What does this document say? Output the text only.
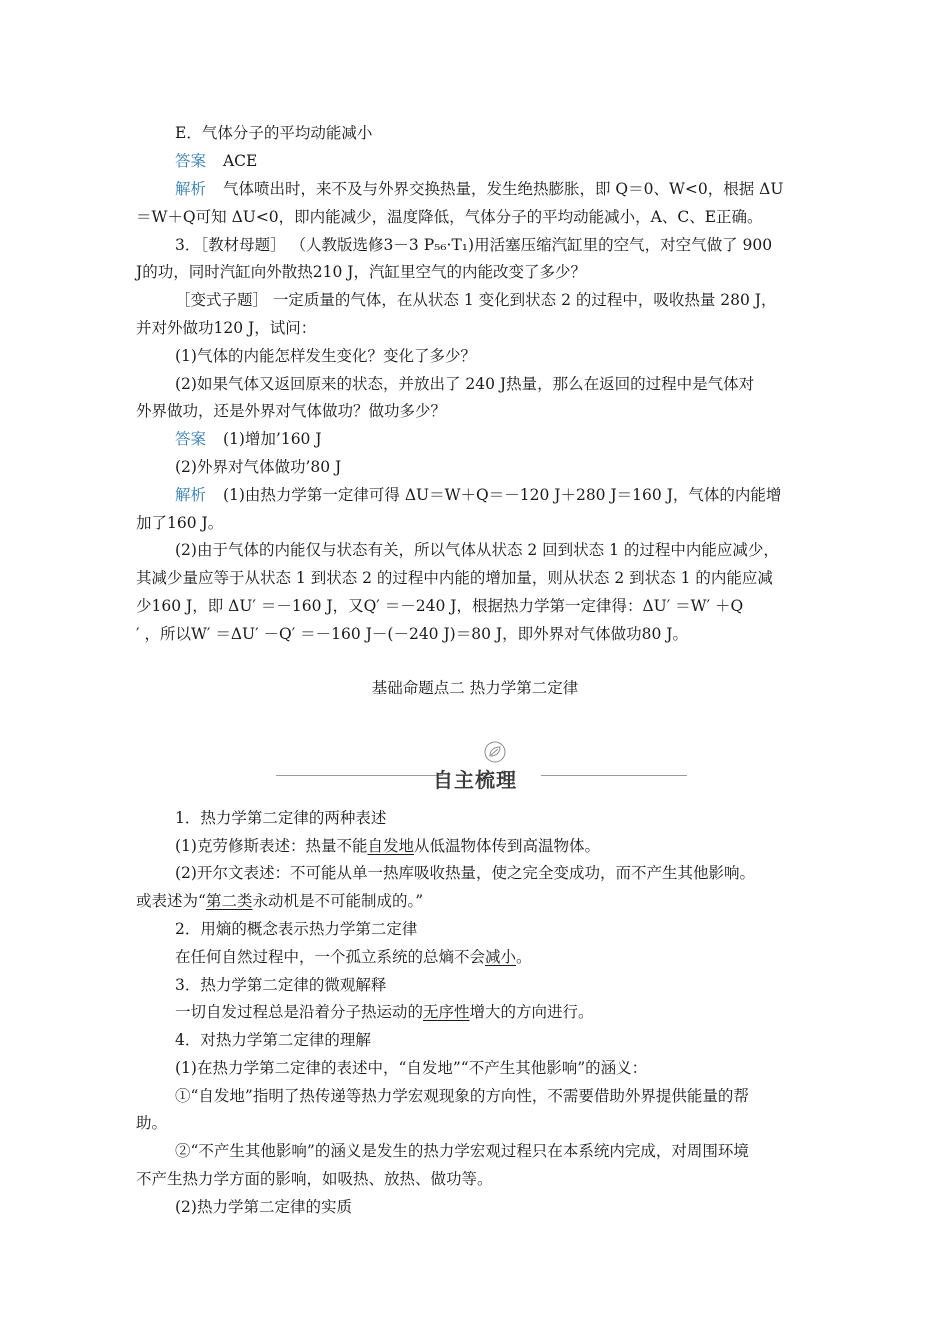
E．气体分子的平均动能减小
答案 ACE
解析 气体喷出时，来不及与外界交换热量，发生绝热膨胀，即 Q＝0、W<0，根据 ΔU
＝W＋Q可知 ΔU<0，即内能减少，温度降低，气体分子的平均动能减小，A、C、E正确。
3．［教材母题］ （人教版选修3－3 P₅₆·T₁)用活塞压缩汽缸里的空气，对空气做了 900
J的功，同时汽缸向外散热210 J，汽缸里空气的内能改变了多少？
［变式子题］ 一定质量的气体，在从状态 1 变化到状态 2 的过程中，吸收热量 280 J，
并对外做功120 J，试问：
(1)气体的内能怎样发生变化？变化了多少？
(2)如果气体又返回原来的状态，并放出了 240 J热量，那么在返回的过程中是气体对
外界做功，还是外界对气体做功？做功多少？
答案 (1)增加’160 J
(2)外界对气体做功’80 J
解析 (1)由热力学第一定律可得 ΔU＝W＋Q＝－120 J＋280 J＝160 J，气体的内能增
加了160 J。
(2)由于气体的内能仅与状态有关，所以气体从状态 2 回到状态 1 的过程中内能应减少，
其减少量应等于从状态 1 到状态 2 的过程中内能的增加量，则从状态 2 到状态 1 的内能应减
少160 J，即 ΔU′ ＝－160 J，又Q′ ＝－240 J，根据热力学第一定律得：ΔU′ ＝W′ ＋Q
′ ，所以W′ ＝ΔU′ －Q′ ＝－160 J－(－240 J)＝80 J，即外界对气体做功80 J。
基础命题点二 热力学第二定律
自主梳理
1．热力学第二定律的两种表述
(1)克劳修斯表述：热量不能自发地从低温物体传到高温物体。
(2)开尔文表述：不可能从单一热库吸收热量，使之完全变成功，而不产生其他影响。
或表述为“第二类永动机是不可能制成的。”
2．用熵的概念表示热力学第二定律
在任何自然过程中，一个孤立系统的总熵不会减小。
3．热力学第二定律的微观解释
一切自发过程总是沿着分子热运动的无序性增大的方向进行。
4．对热力学第二定律的理解
(1)在热力学第二定律的表述中，“自发地”“不产生其他影响”的涵义：
①“自发地”指明了热传递等热力学宏观现象的方向性，不需要借助外界提供能量的帮
助。
②“不产生其他影响”的涵义是发生的热力学宏观过程只在本系统内完成，对周围环境
不产生热力学方面的影响，如吸热、放热、做功等。
(2)热力学第二定律的实质
